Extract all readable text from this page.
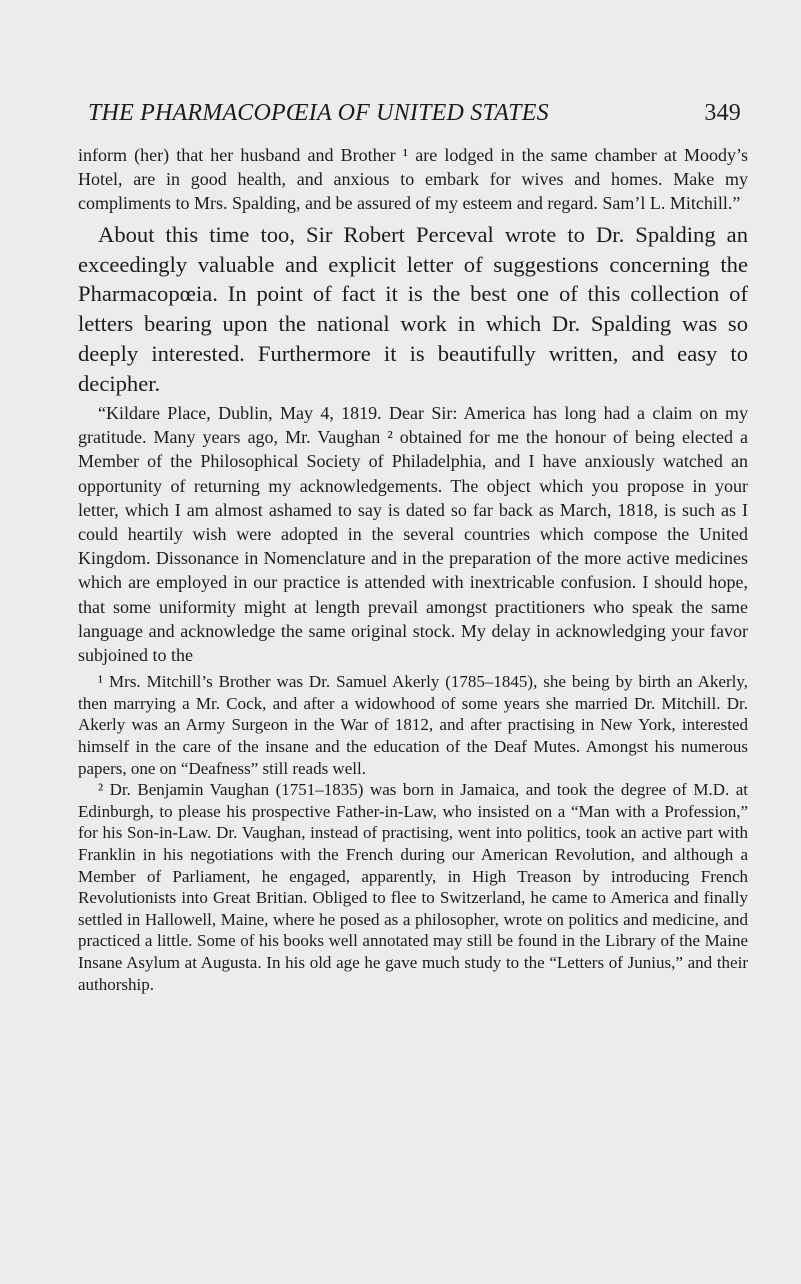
THE PHARMACOPŒIA OF UNITED STATES	349

inform (her) that her husband and Brother ¹ are lodged in the same chamber at Moody’s Hotel, are in good health, and anxious to embark for wives and homes. Make my compliments to Mrs. Spalding, and be assured of my esteem and regard. Sam’l L. Mitchill.”

About this time too, Sir Robert Perceval wrote to Dr. Spalding an exceedingly valuable and explicit letter of suggestions concerning the Pharmacopœia. In point of fact it is the best one of this collection of letters bearing upon the national work in which Dr. Spalding was so deeply interested. Furthermore it is beautifully written, and easy to decipher.

“Kildare Place, Dublin, May 4, 1819. Dear Sir: America has long had a claim on my gratitude. Many years ago, Mr. Vaughan ² obtained for me the honour of being elected a Member of the Philosophical Society of Philadelphia, and I have anxiously watched an opportunity of returning my acknowledgements. The object which you propose in your letter, which I am almost ashamed to say is dated so far back as March, 1818, is such as I could heartily wish were adopted in the several countries which compose the United Kingdom. Dissonance in Nomenclature and in the preparation of the more active medicines which are employed in our practice is attended with inextricable confusion. I should hope, that some uniformity might at length prevail amongst practitioners who speak the same language and acknowledge the same original stock. My delay in acknowledging your favor subjoined to the

¹ Mrs. Mitchill’s Brother was Dr. Samuel Akerly (1785–1845), she being by birth an Akerly, then marrying a Mr. Cock, and after a widowhood of some years she married Dr. Mitchill. Dr. Akerly was an Army Surgeon in the War of 1812, and after practising in New York, interested himself in the care of the insane and the education of the Deaf Mutes. Amongst his numerous papers, one on “Deafness” still reads well.

² Dr. Benjamin Vaughan (1751–1835) was born in Jamaica, and took the degree of M.D. at Edinburgh, to please his prospective Father-in-Law, who insisted on a “Man with a Profession,” for his Son-in-Law. Dr. Vaughan, instead of practising, went into politics, took an active part with Franklin in his negotiations with the French during our American Revolution, and although a Member of Parliament, he engaged, apparently, in High Treason by introducing French Revolutionists into Great Britian. Obliged to flee to Switzerland, he came to America and finally settled in Hallowell, Maine, where he posed as a philosopher, wrote on politics and medicine, and practiced a little. Some of his books well annotated may still be found in the Library of the Maine Insane Asylum at Augusta. In his old age he gave much study to the “Letters of Junius,” and their authorship.
